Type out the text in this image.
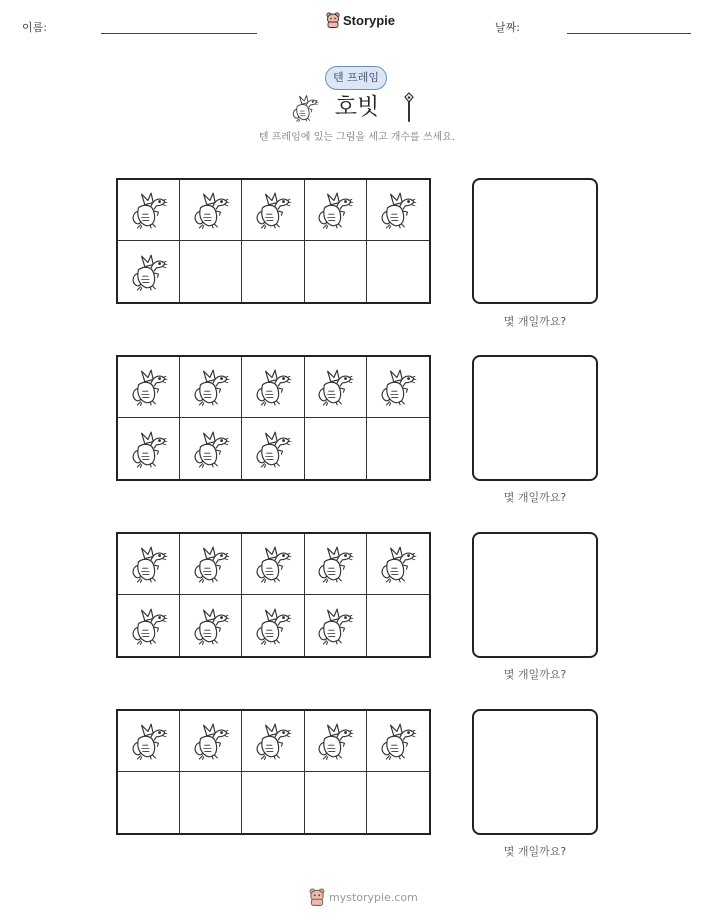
이름:	Storypie	날짜:
텐 프레임
호빗
텐 프레임에 있는 그림을 세고 개수를 쓰세요.
몇 개일까요?
몇 개일까요?
몇 개일까요?
몇 개일까요?
mystorypie.com
